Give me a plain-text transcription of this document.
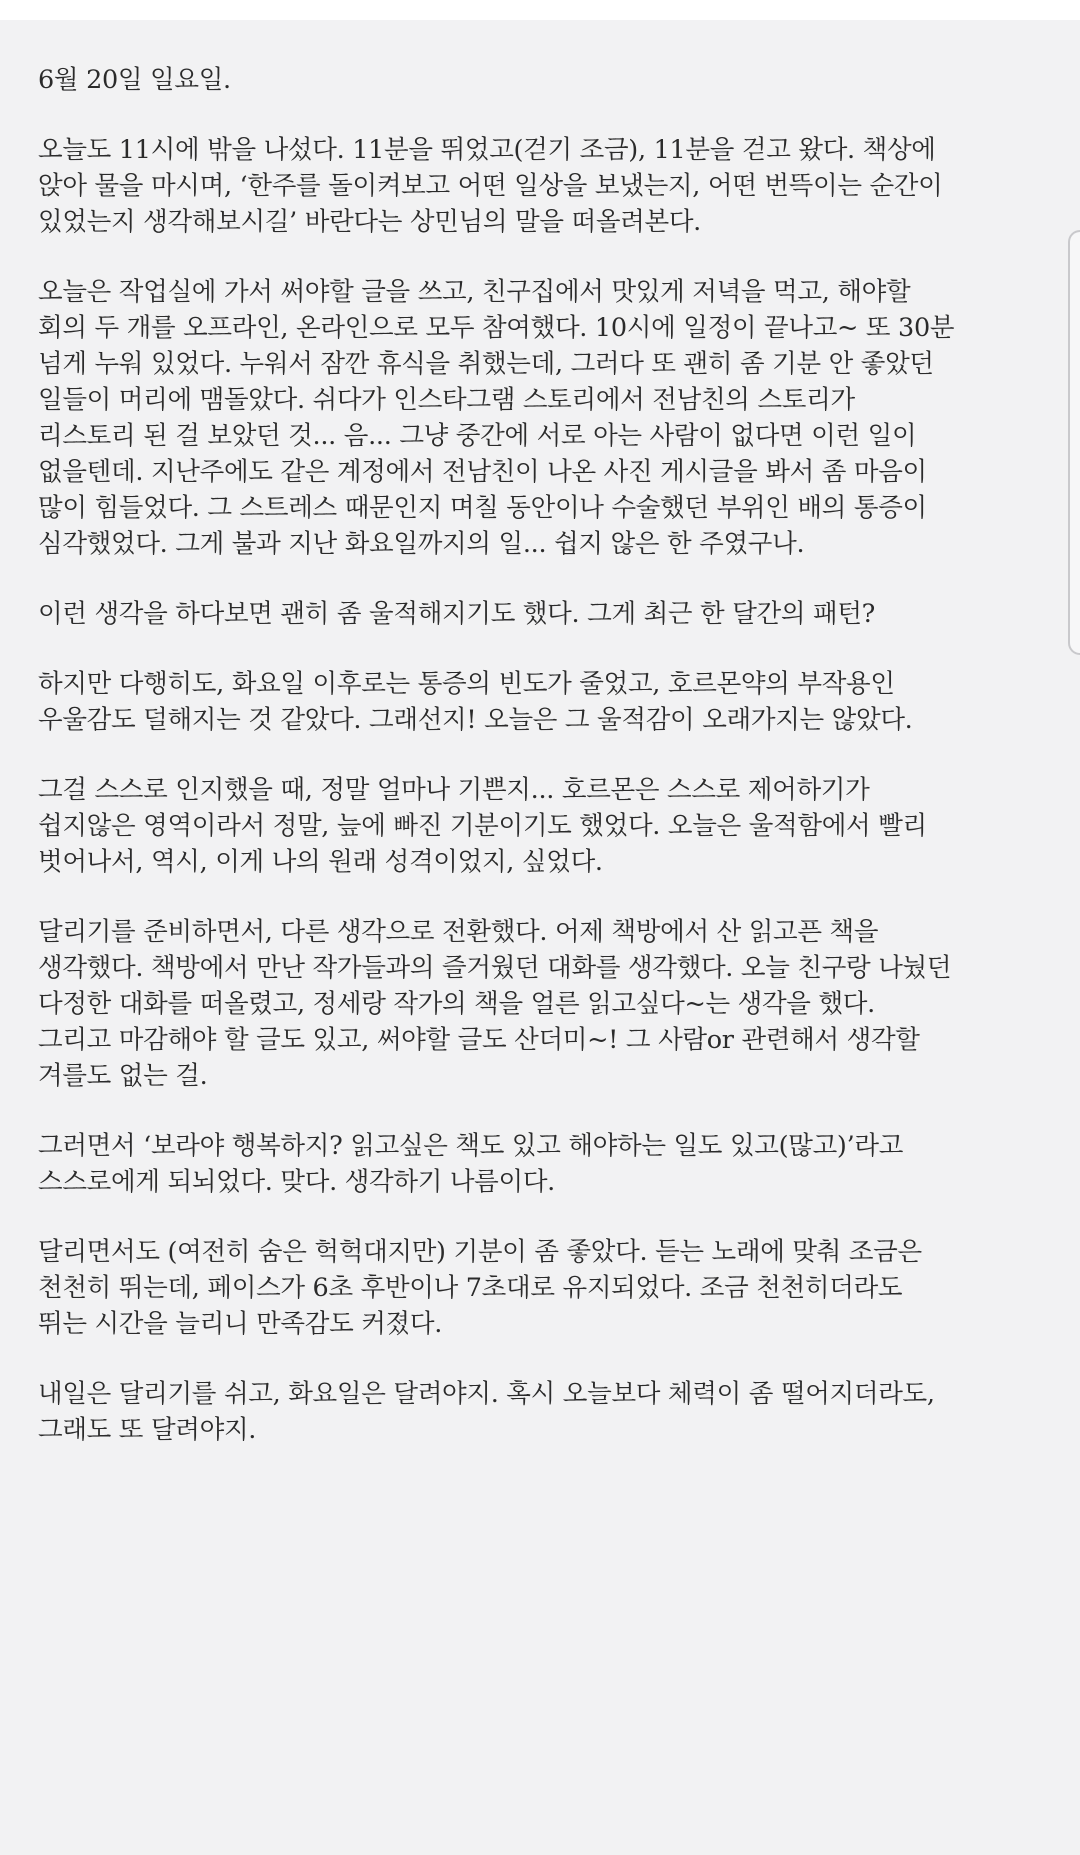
6월 20일 일요일.

오늘도 11시에 밖을 나섰다. 11분을 뛰었고(걷기 조금), 11분을 걷고 왔다. 책상에
앉아 물을 마시며, ‘한주를 돌이켜보고 어떤 일상을 보냈는지, 어떤 번뜩이는 순간이
있었는지 생각해보시길’ 바란다는 상민님의 말을 떠올려본다.

오늘은 작업실에 가서 써야할 글을 쓰고, 친구집에서 맛있게 저녁을 먹고, 해야할
회의 두 개를 오프라인, 온라인으로 모두 참여했다. 10시에 일정이 끝나고~ 또 30분
넘게 누워 있었다. 누워서 잠깐 휴식을 취했는데, 그러다 또 괜히 좀 기분 안 좋았던
일들이 머리에 맴돌았다. 쉬다가 인스타그램 스토리에서 전남친의 스토리가
리스토리 된 걸 보았던 것... 음... 그냥 중간에 서로 아는 사람이 없다면 이런 일이
없을텐데. 지난주에도 같은 계정에서 전남친이 나온 사진 게시글을 봐서 좀 마음이
많이 힘들었다. 그 스트레스 때문인지 며칠 동안이나 수술했던 부위인 배의 통증이
심각했었다. 그게 불과 지난 화요일까지의 일... 쉽지 않은 한 주였구나.

이런 생각을 하다보면 괜히 좀 울적해지기도 했다. 그게 최근 한 달간의 패턴?

하지만 다행히도, 화요일 이후로는 통증의 빈도가 줄었고, 호르몬약의 부작용인
우울감도 덜해지는 것 같았다. 그래선지! 오늘은 그 울적감이 오래가지는 않았다.

그걸 스스로 인지했을 때, 정말 얼마나 기쁜지... 호르몬은 스스로 제어하기가
쉽지않은 영역이라서 정말, 늪에 빠진 기분이기도 했었다. 오늘은 울적함에서 빨리
벗어나서, 역시, 이게 나의 원래 성격이었지, 싶었다.

달리기를 준비하면서, 다른 생각으로 전환했다. 어제 책방에서 산 읽고픈 책을
생각했다. 책방에서 만난 작가들과의 즐거웠던 대화를 생각했다. 오늘 친구랑 나눴던
다정한 대화를 떠올렸고, 정세랑 작가의 책을 얼른 읽고싶다~는 생각을 했다.
그리고 마감해야 할 글도 있고, 써야할 글도 산더미~! 그 사람or 관련해서 생각할
겨를도 없는 걸.

그러면서 ‘보라야 행복하지? 읽고싶은 책도 있고 해야하는 일도 있고(많고)’라고
스스로에게 되뇌었다. 맞다. 생각하기 나름이다.

달리면서도 (여전히 숨은 헉헉대지만) 기분이 좀 좋았다. 듣는 노래에 맞춰 조금은
천천히 뛰는데, 페이스가 6초 후반이나 7초대로 유지되었다. 조금 천천히더라도
뛰는 시간을 늘리니 만족감도 커졌다.

내일은 달리기를 쉬고, 화요일은 달려야지. 혹시 오늘보다 체력이 좀 떨어지더라도,
그래도 또 달려야지.
